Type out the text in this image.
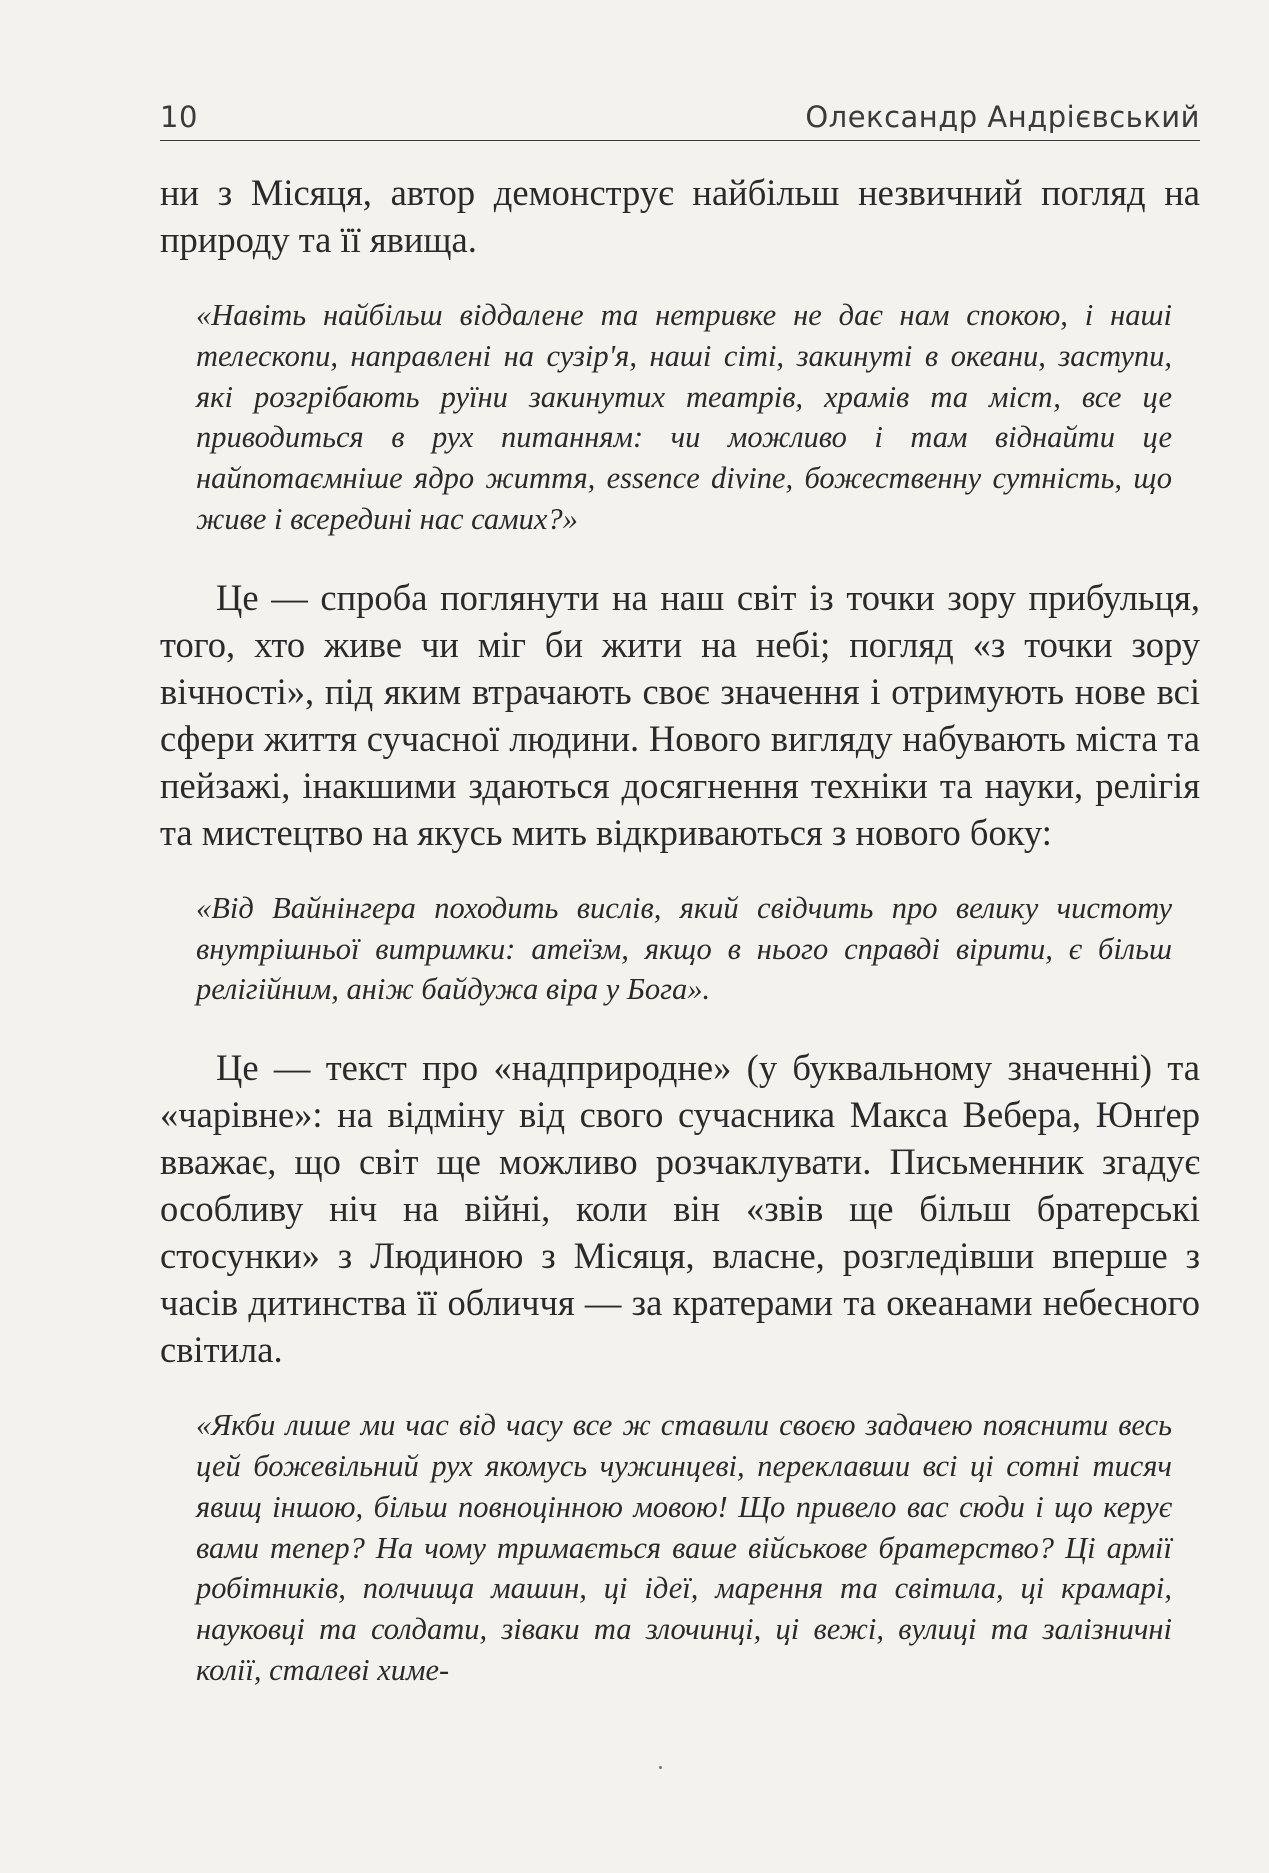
10	Олександр Андрієвський

ни з Місяця, автор демонструє найбільш незвичний погляд на природу та її явища.

«Навіть найбільш віддалене та нетривке не дає нам спокою, і наші телескопи, направлені на сузір'я, наші сіті, закинуті в океани, заступи, які розгрібають руїни закинутих театрів, храмів та міст, все це приводиться в рух питанням: чи можливо і там віднайти це найпотаємніше ядро життя, essence divine, божественну сутність, що живе і всередині нас самих?»

Це — спроба поглянути на наш світ із точки зору прибульця, того, хто живе чи міг би жити на небі; погляд «з точки зору вічності», під яким втрачають своє значення і отримують нове всі сфери життя сучасної людини. Нового вигляду набувають міста та пейзажі, інакшими здаються досягнення техніки та науки, релігія та мистецтво на якусь мить відкриваються з нового боку:

«Від Вайнінгера походить вислів, який свідчить про велику чистоту внутрішньої витримки: атеїзм, якщо в нього справді вірити, є більш релігійним, аніж байдужа віра у Бога».

Це — текст про «надприродне» (у буквальному значенні) та «чарівне»: на відміну від свого сучасника Макса Вебера, Юнґер вважає, що світ ще можливо розчаклувати. Письменник згадує особливу ніч на війні, коли він «звів ще більш братерські стосунки» з Людиною з Місяця, власне, розгледівши вперше з часів дитинства її обличчя — за кратерами та океанами небесного світила.

«Якби лише ми час від часу все ж ставили своєю задачею пояснити весь цей божевільний рух якомусь чужинцеві, переклавши всі ці сотні тисяч явищ іншою, більш повноцінною мовою! Що привело вас сюди і що керує вами тепер? На чому тримається ваше військове братерство? Ці армії робітників, полчища машин, ці ідеї, марення та світила, ці крамарі, науковці та солдати, зіваки та злочинці, ці вежі, вулиці та залізничні колії, сталеві химе-
